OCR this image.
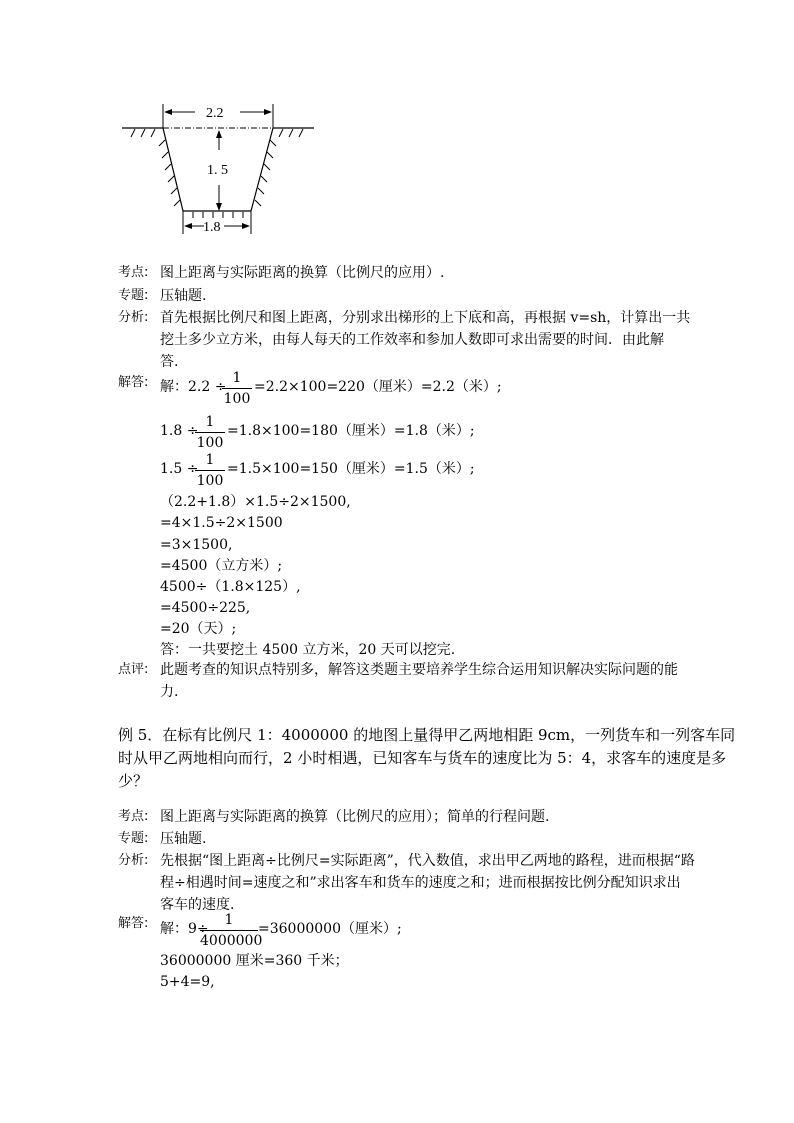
2.2
1. 5
1.8
考点: 图上距离与实际距离的换算（比例尺的应用）.
专题: 压轴题.
分析: 首先根据比例尺和图上距离，分别求出梯形的上下底和高，再根据 v=sh，计算出一共
挖土多少立方米，由每人每天的工作效率和参加人数即可求出需要的时间．由此解
答.
解答: 解：2.2 ÷
1
100
=2.2×100=220（厘米）=2.2（米）;
1.8 ÷
1
100
=1.8×100=180（厘米）=1.8（米）;
1.5 ÷
1
100
=1.5×100=150（厘米）=1.5（米）;
（2.2+1.8）×1.5÷2×1500,
=4×1.5÷2×1500
=3×1500,
=4500（立方米）;
4500÷（1.8×125）,
=4500÷225,
=20（天）;
答：一共要挖土 4500 立方米，20 天可以挖完.
点评: 此题考查的知识点特别多，解答这类题主要培养学生综合运用知识解决实际问题的能
力.
例 5．在标有比例尺 1：4000000 的地图上量得甲乙两地相距 9cm，一列货车和一列客车同
时从甲乙两地相向而行，2 小时相遇，已知客车与货车的速度比为 5：4，求客车的速度是多
少？
考点: 图上距离与实际距离的换算（比例尺的应用）；简单的行程问题.
专题: 压轴题.
分析: 先根据“图上距离÷比例尺=实际距离”，代入数值，求出甲乙两地的路程，进而根据“路
程÷相遇时间=速度之和”求出客车和货车的速度之和；进而根据按比例分配知识求出
客车的速度.
解答: 解：9÷
1
4000000
=36000000（厘米）;
36000000 厘米=360 千米；
5+4=9,
